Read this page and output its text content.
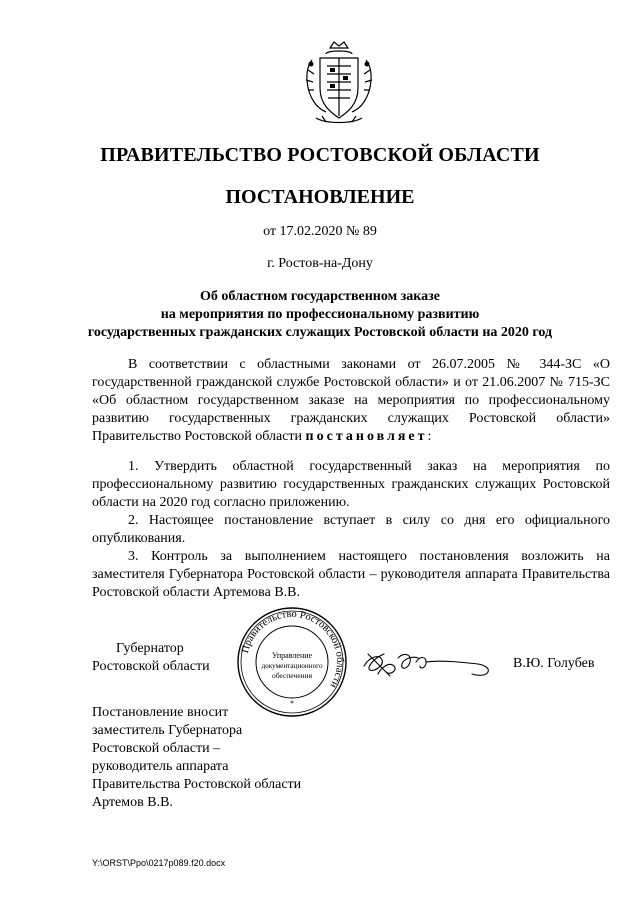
ПРАВИТЕЛЬСТВО РОСТОВСКОЙ ОБЛАСТИ
ПОСТАНОВЛЕНИЕ
от 17.02.2020 № 89
г. Ростов-на-Дону
Об областном государственном заказе
на мероприятия по профессиональному развитию
государственных гражданских служащих Ростовской области на 2020 год

В соответствии с областными законами от 26.07.2005 № 344-ЗС «О государственной гражданской службе Ростовской области» и от 21.06.2007 № 715-ЗС «Об областном государственном заказе на мероприятия по профессиональному развитию государственных гражданских служащих Ростовской области» Правительство Ростовской области постановляет:

1. Утвердить областной государственный заказ на мероприятия по профессиональному развитию государственных гражданских служащих Ростовской области на 2020 год согласно приложению.

2. Настоящее постановление вступает в силу со дня его официального опубликования.

3. Контроль за выполнением настоящего постановления возложить на заместителя Губернатора Ростовской области – руководителя аппарата Правительства Ростовской области Артемова В.В.

Губернатор
Ростовской области
Правительство Ростовской области
Управление
документационного
обеспечения
*
В.Ю. Голубев
Постановление вносит
заместитель Губернатора
Ростовской области –
руководитель аппарата
Правительства Ростовской области
Артемов В.В.
Y:\ORST\Ppo\0217p089.f20.docx
